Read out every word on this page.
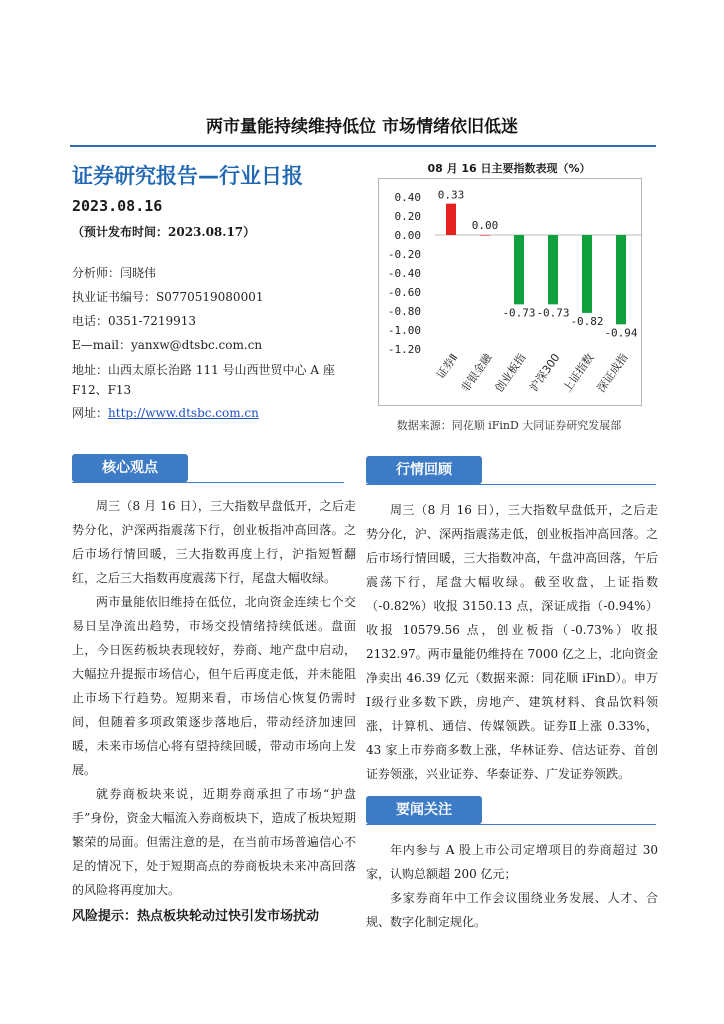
两市量能持续维持低位 市场情绪依旧低迷
证券研究报告—行业日报
2023.08.16
（预计发布时间：2023.08.17）
分析师：闫晓伟
执业证书编号：S0770519080001
电话：0351-7219913
E—mail：yanxw@dtsbc.com.cn
地址：山西太原长治路 111 号山西世贸中心 A 座 F12、F13
网址：http://www.dtsbc.com.cn
08 月 16 日主要指数表现（%）
0.40
0.20
0.00
-0.20
-0.40
-0.60
-0.80
-1.00
-1.20
0.33
证券Ⅱ
0.00
非银金融
-0.73
创业板指
-0.73
沪深300
-0.82
上证指数
-0.94
深证成指
数据来源：同花顺 iFinD 大同证券研究发展部
核心观点

周三（8 月 16 日），三大指数早盘低开，之后走势分化，沪深两指震荡下行，创业板指冲高回落。之后市场行情回暖，三大指数再度上行，沪指短暂翻红，之后三大指数再度震荡下行，尾盘大幅收绿。

两市量能依旧维持在低位，北向资金连续七个交易日呈净流出趋势，市场交投情绪持续低迷。盘面上，今日医药板块表现较好，券商、地产盘中启动，大幅拉升提振市场信心，但午后再度走低，并未能阻止市场下行趋势。短期来看，市场信心恢复仍需时间，但随着多项政策逐步落地后，带动经济加速回暖，未来市场信心将有望持续回暖，带动市场向上发展。

就券商板块来说，近期券商承担了市场“护盘手”身份，资金大幅流入券商板块下，造成了板块短期繁荣的局面。但需注意的是，在当前市场普遍信心不足的情况下，处于短期高点的券商板块未来冲高回落的风险将再度加大。

风险提示：热点板块轮动过快引发市场扰动
行情回顾

周三（8 月 16 日），三大指数早盘低开，之后走势分化，沪、深两指震荡走低，创业板指冲高回落。之后市场行情回暖，三大指数冲高，午盘冲高回落，午后震荡下行，尾盘大幅收绿。截至收盘，上证指数（-0.82%）收报 3150.13 点，深证成指（-0.94%）收报 10579.56 点，创业板指（-0.73%）收报 2132.97。两市量能仍维持在 7000 亿之上，北向资金净卖出 46.39 亿元（数据来源：同花顺 iFinD）。申万Ⅰ级行业多数下跌，房地产、建筑材料、食品饮料领涨，计算机、通信、传媒领跌。证券Ⅱ上涨 0.33%，43 家上市券商多数上涨，华林证券、信达证券、首创证券领涨，兴业证券、华泰证券、广发证券领跌。

要闻关注

年内参与 A 股上市公司定增项目的券商超过 30 家，认购总额超 200 亿元；

多家券商年中工作会议围绕业务发展、人才、合规、数字化制定规化。
